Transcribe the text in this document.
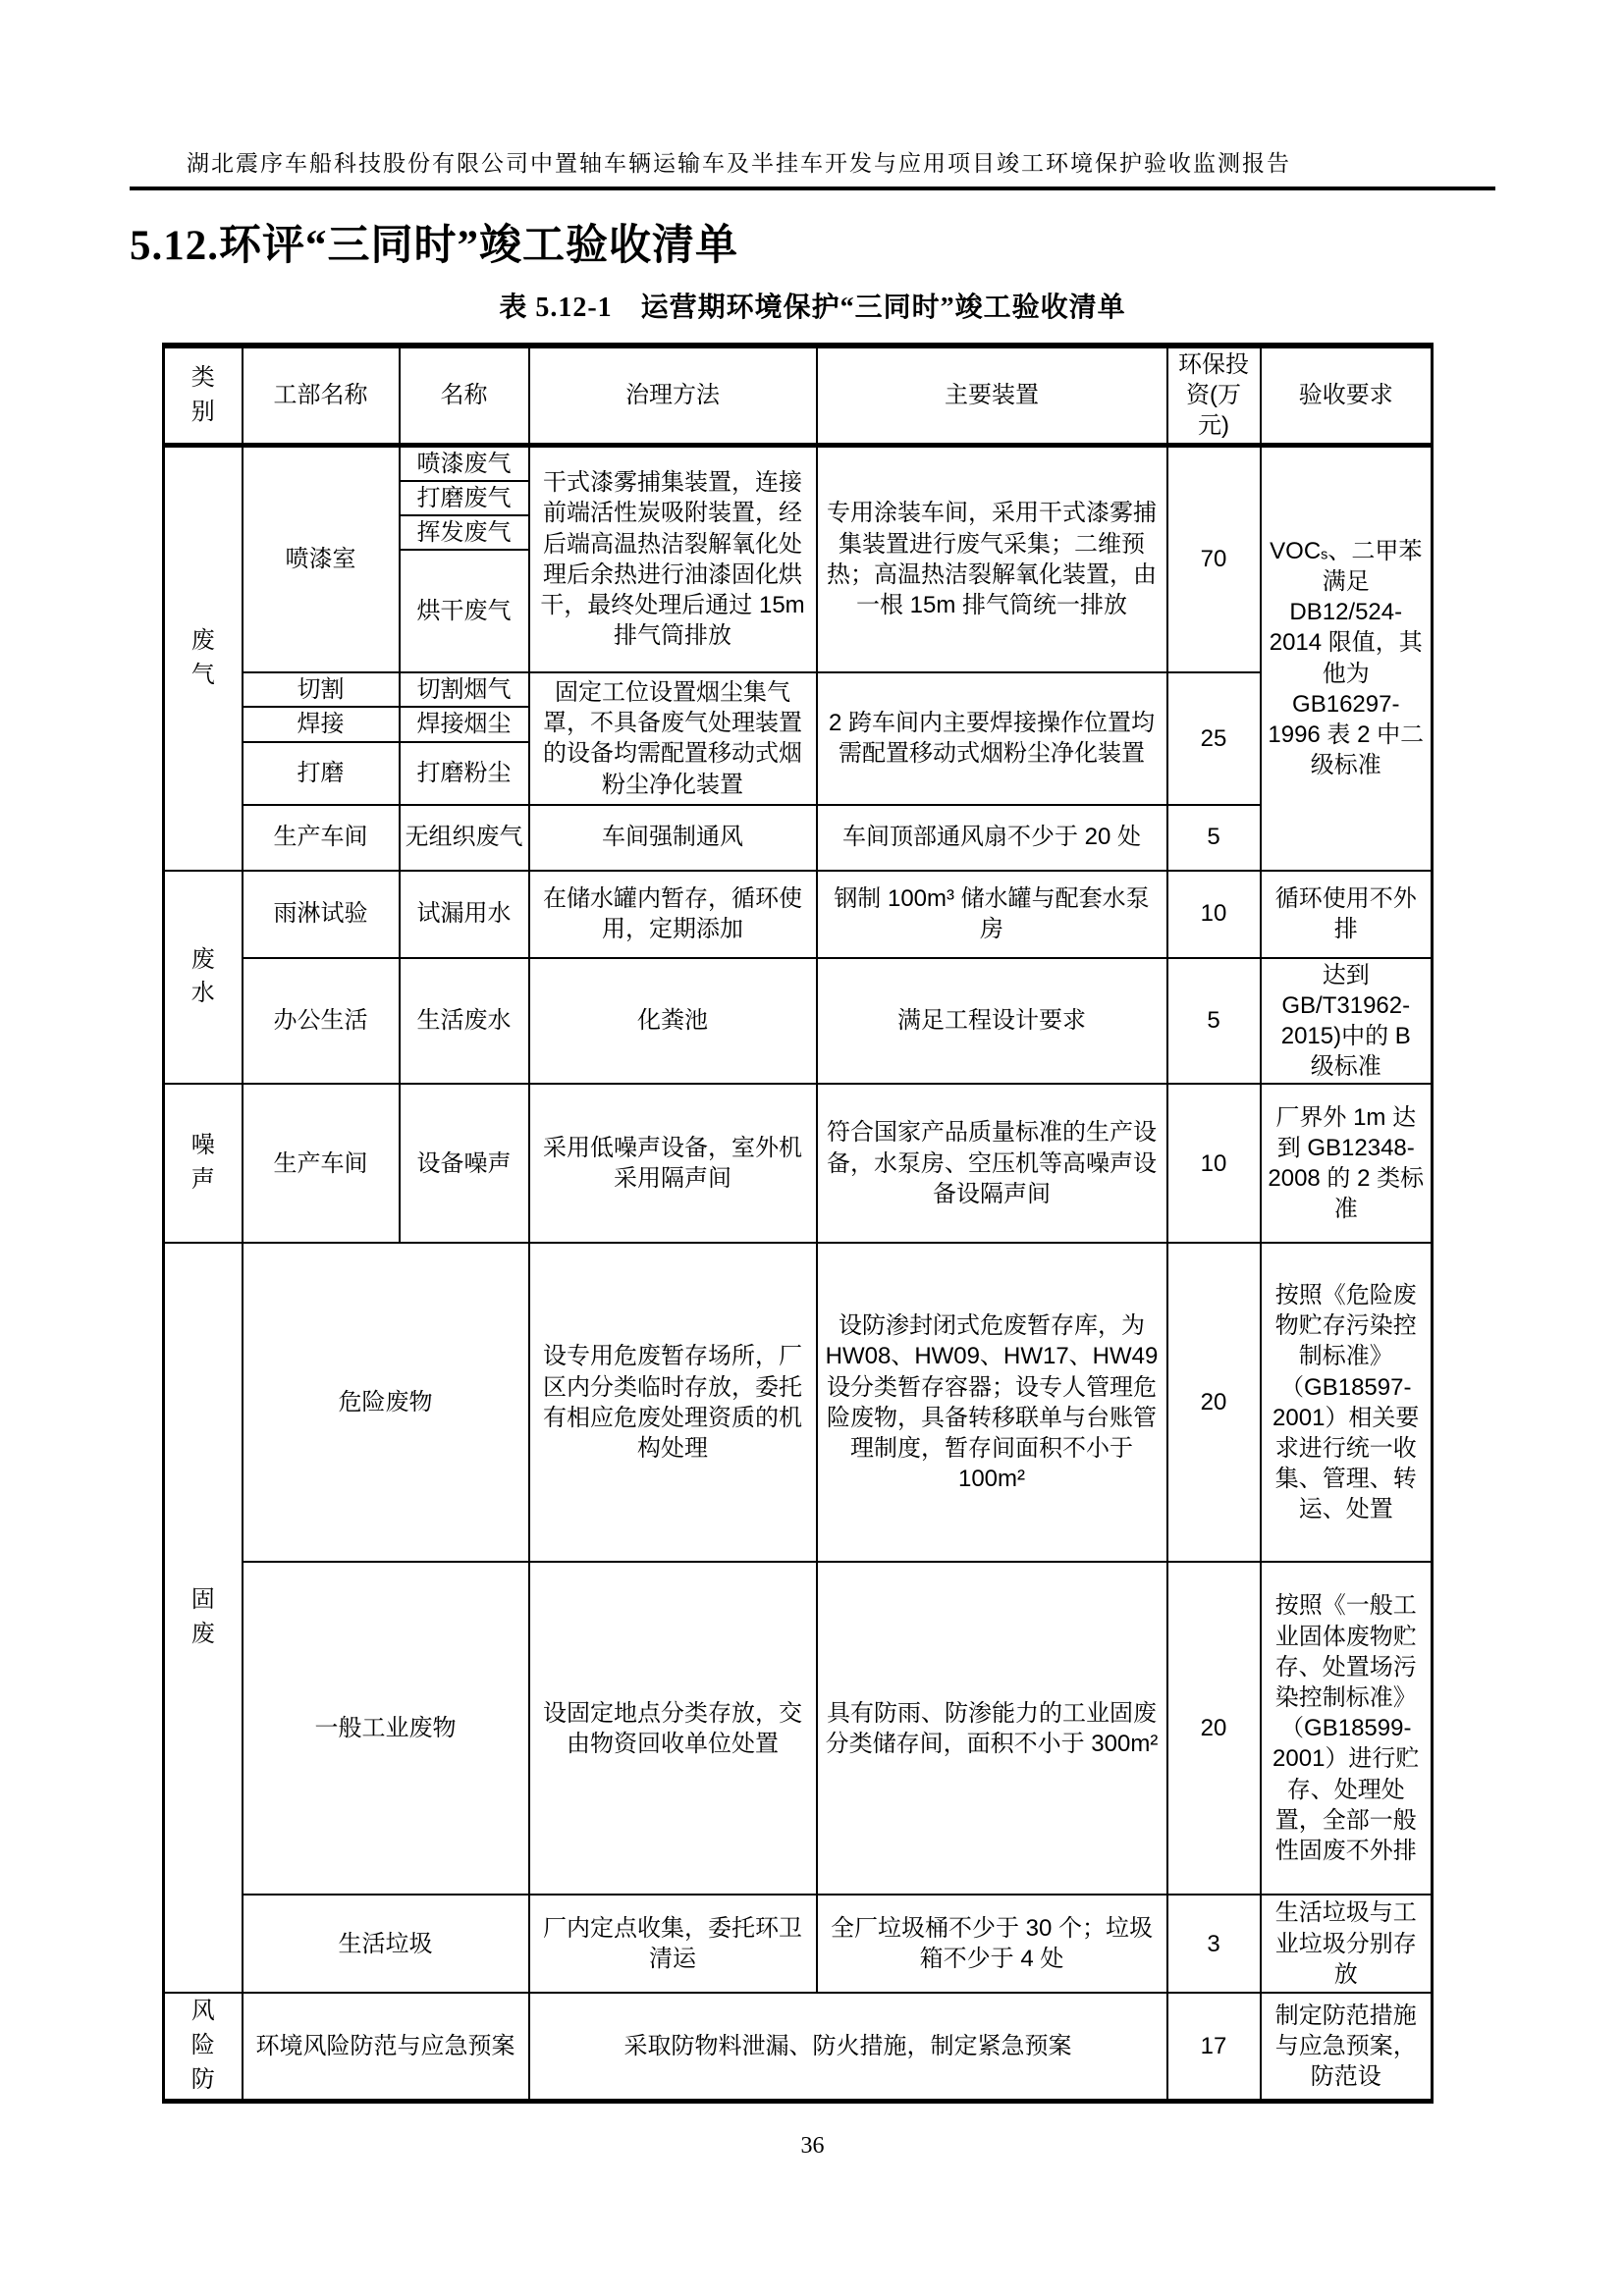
湖北震序车船科技股份有限公司中置轴车辆运输车及半挂车开发与应用项目竣工环境保护验收监测报告
5.12.环评“三同时”竣工验收清单
表 5.12-1　运营期环境保护“三同时”竣工验收清单
类别	工部名称	名称	治理方法	主要装置	环保投资(万元)	验收要求
废气	喷漆室	喷漆废气	干式漆雾捕集装置，连接前端活性炭吸附装置，经后端高温热洁裂解氧化处理后余热进行油漆固化烘干，最终处理后通过 15m 排气筒排放	专用涂装车间，采用干式漆雾捕集装置进行废气采集；二维预热；高温热洁裂解氧化装置，由一根 15m 排气筒统一排放	70	VOCs、二甲苯满足 DB12/524-2014 限值，其他为 GB16297-1996 表 2 中二级标准
		打磨废气				
		挥发废气				
		烘干废气				
	切割	切割烟气	固定工位设置烟尘集气罩，不具备废气处理装置的设备均需配置移动式烟粉尘净化装置	2 跨车间内主要焊接操作位置均需配置移动式烟粉尘净化装置	25	
	焊接	焊接烟尘				
	打磨	打磨粉尘				
	生产车间	无组织废气	车间强制通风	车间顶部通风扇不少于 20 处	5	
废水	雨淋试验	试漏用水	在储水罐内暂存，循环使用，定期添加	钢制 100m³ 储水罐与配套水泵房	10	循环使用不外排
	办公生活	生活废水	化粪池	满足工程设计要求	5	达到 GB/T31962-2015)中的 B 级标准
噪声	生产车间	设备噪声	采用低噪声设备，室外机采用隔声间	符合国家产品质量标准的生产设备，水泵房、空压机等高噪声设备设隔声间	10	厂界外 1m 达到 GB12348-2008 的 2 类标准
固废	危险废物		设专用危废暂存场所，厂区内分类临时存放，委托有相应危废处理资质的机构处理	设防渗封闭式危废暂存库，为 HW08、HW09、HW17、HW49 设分类暂存容器；设专人管理危险废物，具备转移联单与台账管理制度，暂存间面积不小于 100m²	20	按照《危险废物贮存污染控制标准》（GB18597-2001）相关要求进行统一收集、管理、转运、处置
	一般工业废物		设固定地点分类存放，交由物资回收单位处置	具有防雨、防渗能力的工业固废分类储存间，面积不小于 300m²	20	按照《一般工业固体废物贮存、处置场污染控制标准》（GB18599-2001）进行贮存、处理处置，全部一般性固废不外排
	生活垃圾		厂内定点收集，委托环卫清运	全厂垃圾桶不少于 30 个；垃圾箱不少于 4 处	3	生活垃圾与工业垃圾分别存放
风险防	环境风险防范与应急预案		采取防物料泄漏、防火措施，制定紧急预案		17	制定防范措施与应急预案，防范设
36
